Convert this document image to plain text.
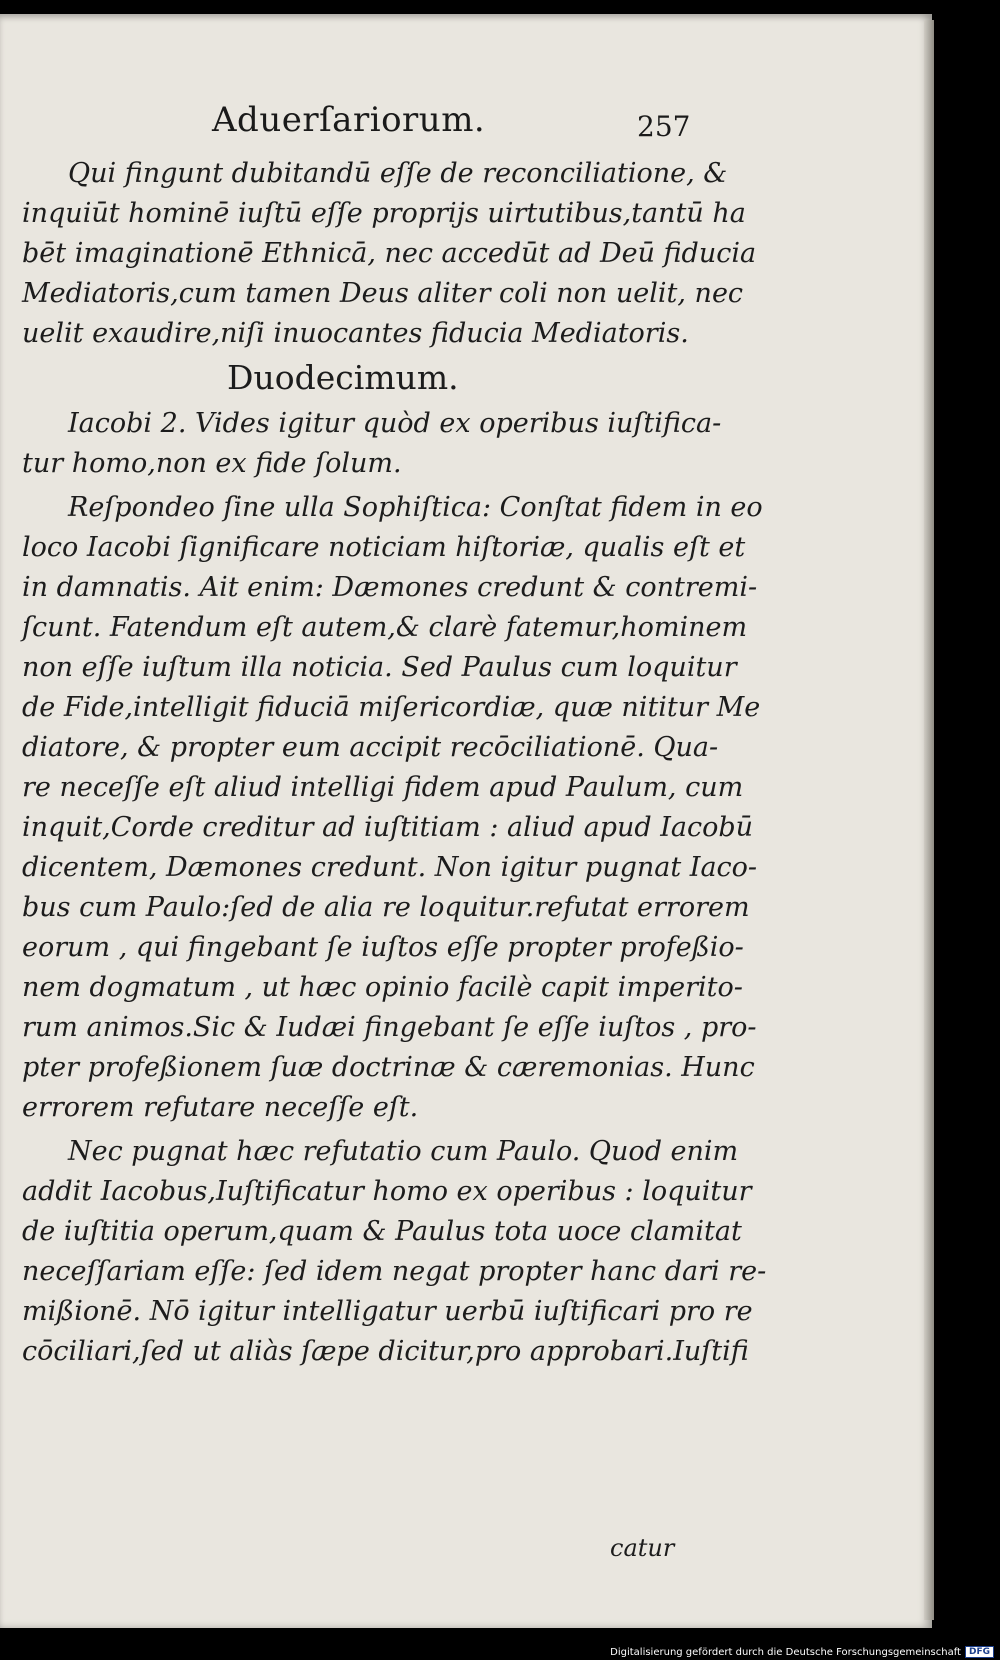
Aduerſariorum.	257
Qui fingunt dubitandū eſſe de reconciliatione, &
inquiūt hominē iuſtū eſſe proprijs uirtutibus,tantū ha
bēt imaginationē Ethnicā, nec accedūt ad Deū fiducia
Mediatoris,cum tamen Deus aliter coli non uelit, nec
uelit exaudire,niſi inuocantes fiducia Mediatoris.
Duodecimum.
Iacobi 2. Vides igitur quòd ex operibus iuſtifica-
tur homo,non ex fide ſolum.
Reſpondeo ſine ulla Sophiſtica: Conſtat fidem in eo
loco Iacobi ſignificare noticiam hiſtoriæ, qualis eſt et
in damnatis. Ait enim: Dæmones credunt & contremi-
ſcunt. Fatendum eſt autem,& clarè fatemur,hominem
non eſſe iuſtum illa noticia. Sed Paulus cum loquitur
de Fide,intelligit fiduciā miſericordiæ, quæ nititur Me
diatore, & propter eum accipit recōciliationē. Qua-
re neceſſe eſt aliud intelligi fidem apud Paulum, cum
inquit,Corde creditur ad iuſtitiam : aliud apud Iacobū
dicentem, Dæmones credunt. Non igitur pugnat Iaco-
bus cum Paulo:ſed de alia re loquitur.refutat errorem
eorum , qui fingebant ſe iuſtos eſſe propter profeßio-
nem dogmatum , ut hæc opinio facilè capit imperito-
rum animos.Sic & Iudæi fingebant ſe eſſe iuſtos , pro-
pter profeßionem ſuæ doctrinæ & cæremonias. Hunc
errorem refutare neceſſe eſt.
Nec pugnat hæc refutatio cum Paulo. Quod enim
addit Iacobus,Iuſtificatur homo ex operibus : loquitur
de iuſtitia operum,quam & Paulus tota uoce clamitat
neceſſariam eſſe: ſed idem negat propter hanc dari re-
mißionē. Nō igitur intelligatur uerbū iuſtificari pro re
cōciliari,ſed ut aliàs ſæpe dicitur,pro approbari.Iuſtifi
catur
Digitalisierung gefördert durch die Deutsche Forschungsgemeinschaft DFG
